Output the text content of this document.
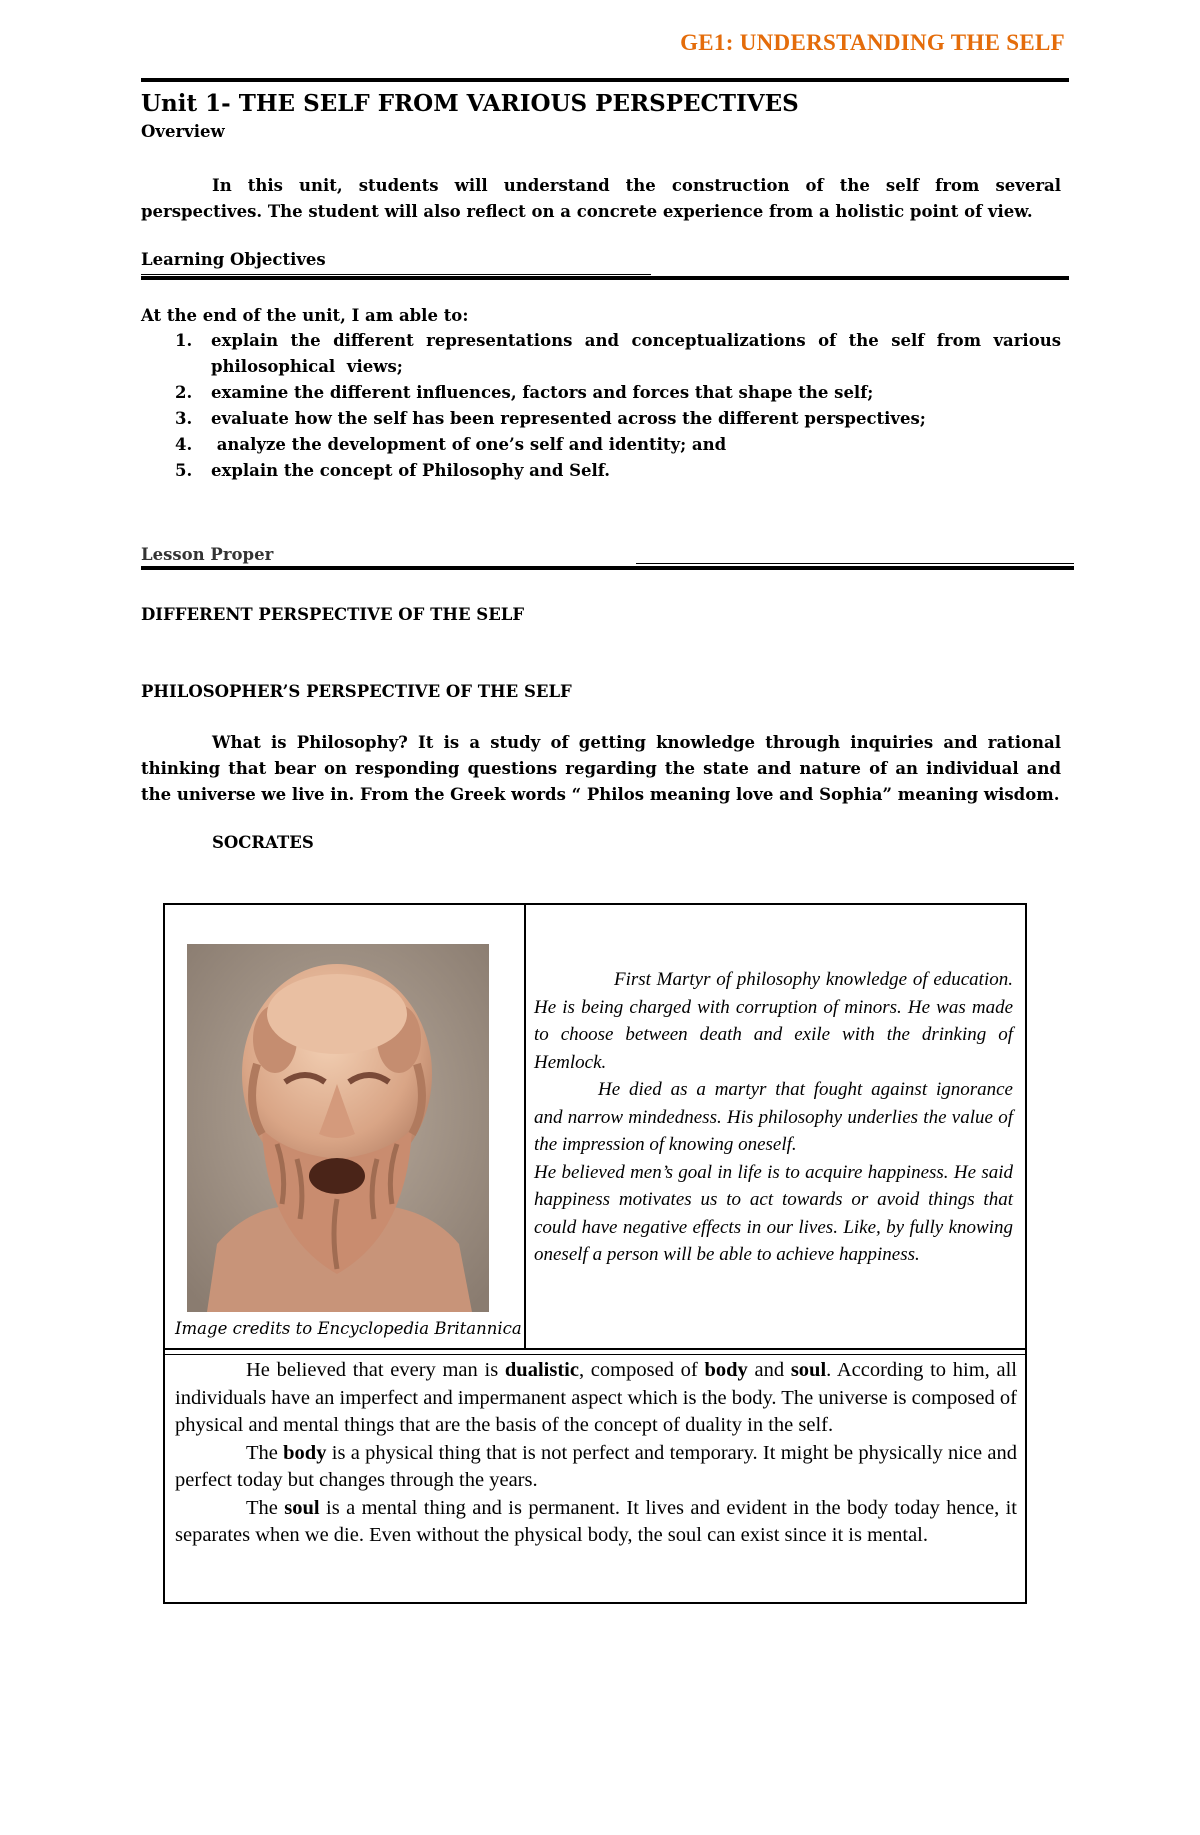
GE1: UNDERSTANDING THE SELF
Unit 1- THE SELF FROM VARIOUS PERSPECTIVES
Overview
In this unit, students will understand the construction of the self from several perspectives. The student will also reflect on a concrete experience from a holistic point of view.
Learning Objectives
At the end of the unit, I am able to:
1. explain the different representations and conceptualizations of the self from various philosophical views;
2. examine the different influences, factors and forces that shape the self;
3. evaluate how the self has been represented across the different perspectives;
4. analyze the development of one’s self and identity; and
5. explain the concept of Philosophy and Self.
Lesson Proper
DIFFERENT PERSPECTIVE OF THE SELF
PHILOSOPHER’S PERSPECTIVE OF THE SELF
What is Philosophy? It is a study of getting knowledge through inquiries and rational thinking that bear on responding questions regarding the state and nature of an individual and the universe we live in. From the Greek words “ Philos meaning love and Sophia” meaning wisdom.
SOCRATES
Image credits to Encyclopedia Britannica

First Martyr of philosophy knowledge of education. He is being charged with corruption of minors. He was made to choose between death and exile with the drinking of Hemlock.

He died as a martyr that fought against ignorance and narrow mindedness. His philosophy underlies the value of the impression of knowing oneself.

He believed men’s goal in life is to acquire happiness. He said happiness motivates us to act towards or avoid things that could have negative effects in our lives. Like, by fully knowing oneself a person will be able to achieve happiness.

He believed that every man is dualistic, composed of body and soul. According to him, all individuals have an imperfect and impermanent aspect which is the body. The universe is composed of physical and mental things that are the basis of the concept of duality in the self.

The body is a physical thing that is not perfect and temporary. It might be physically nice and perfect today but changes through the years.

The soul is a mental thing and is permanent. It lives and evident in the body today hence, it separates when we die. Even without the physical body, the soul can exist since it is mental.
